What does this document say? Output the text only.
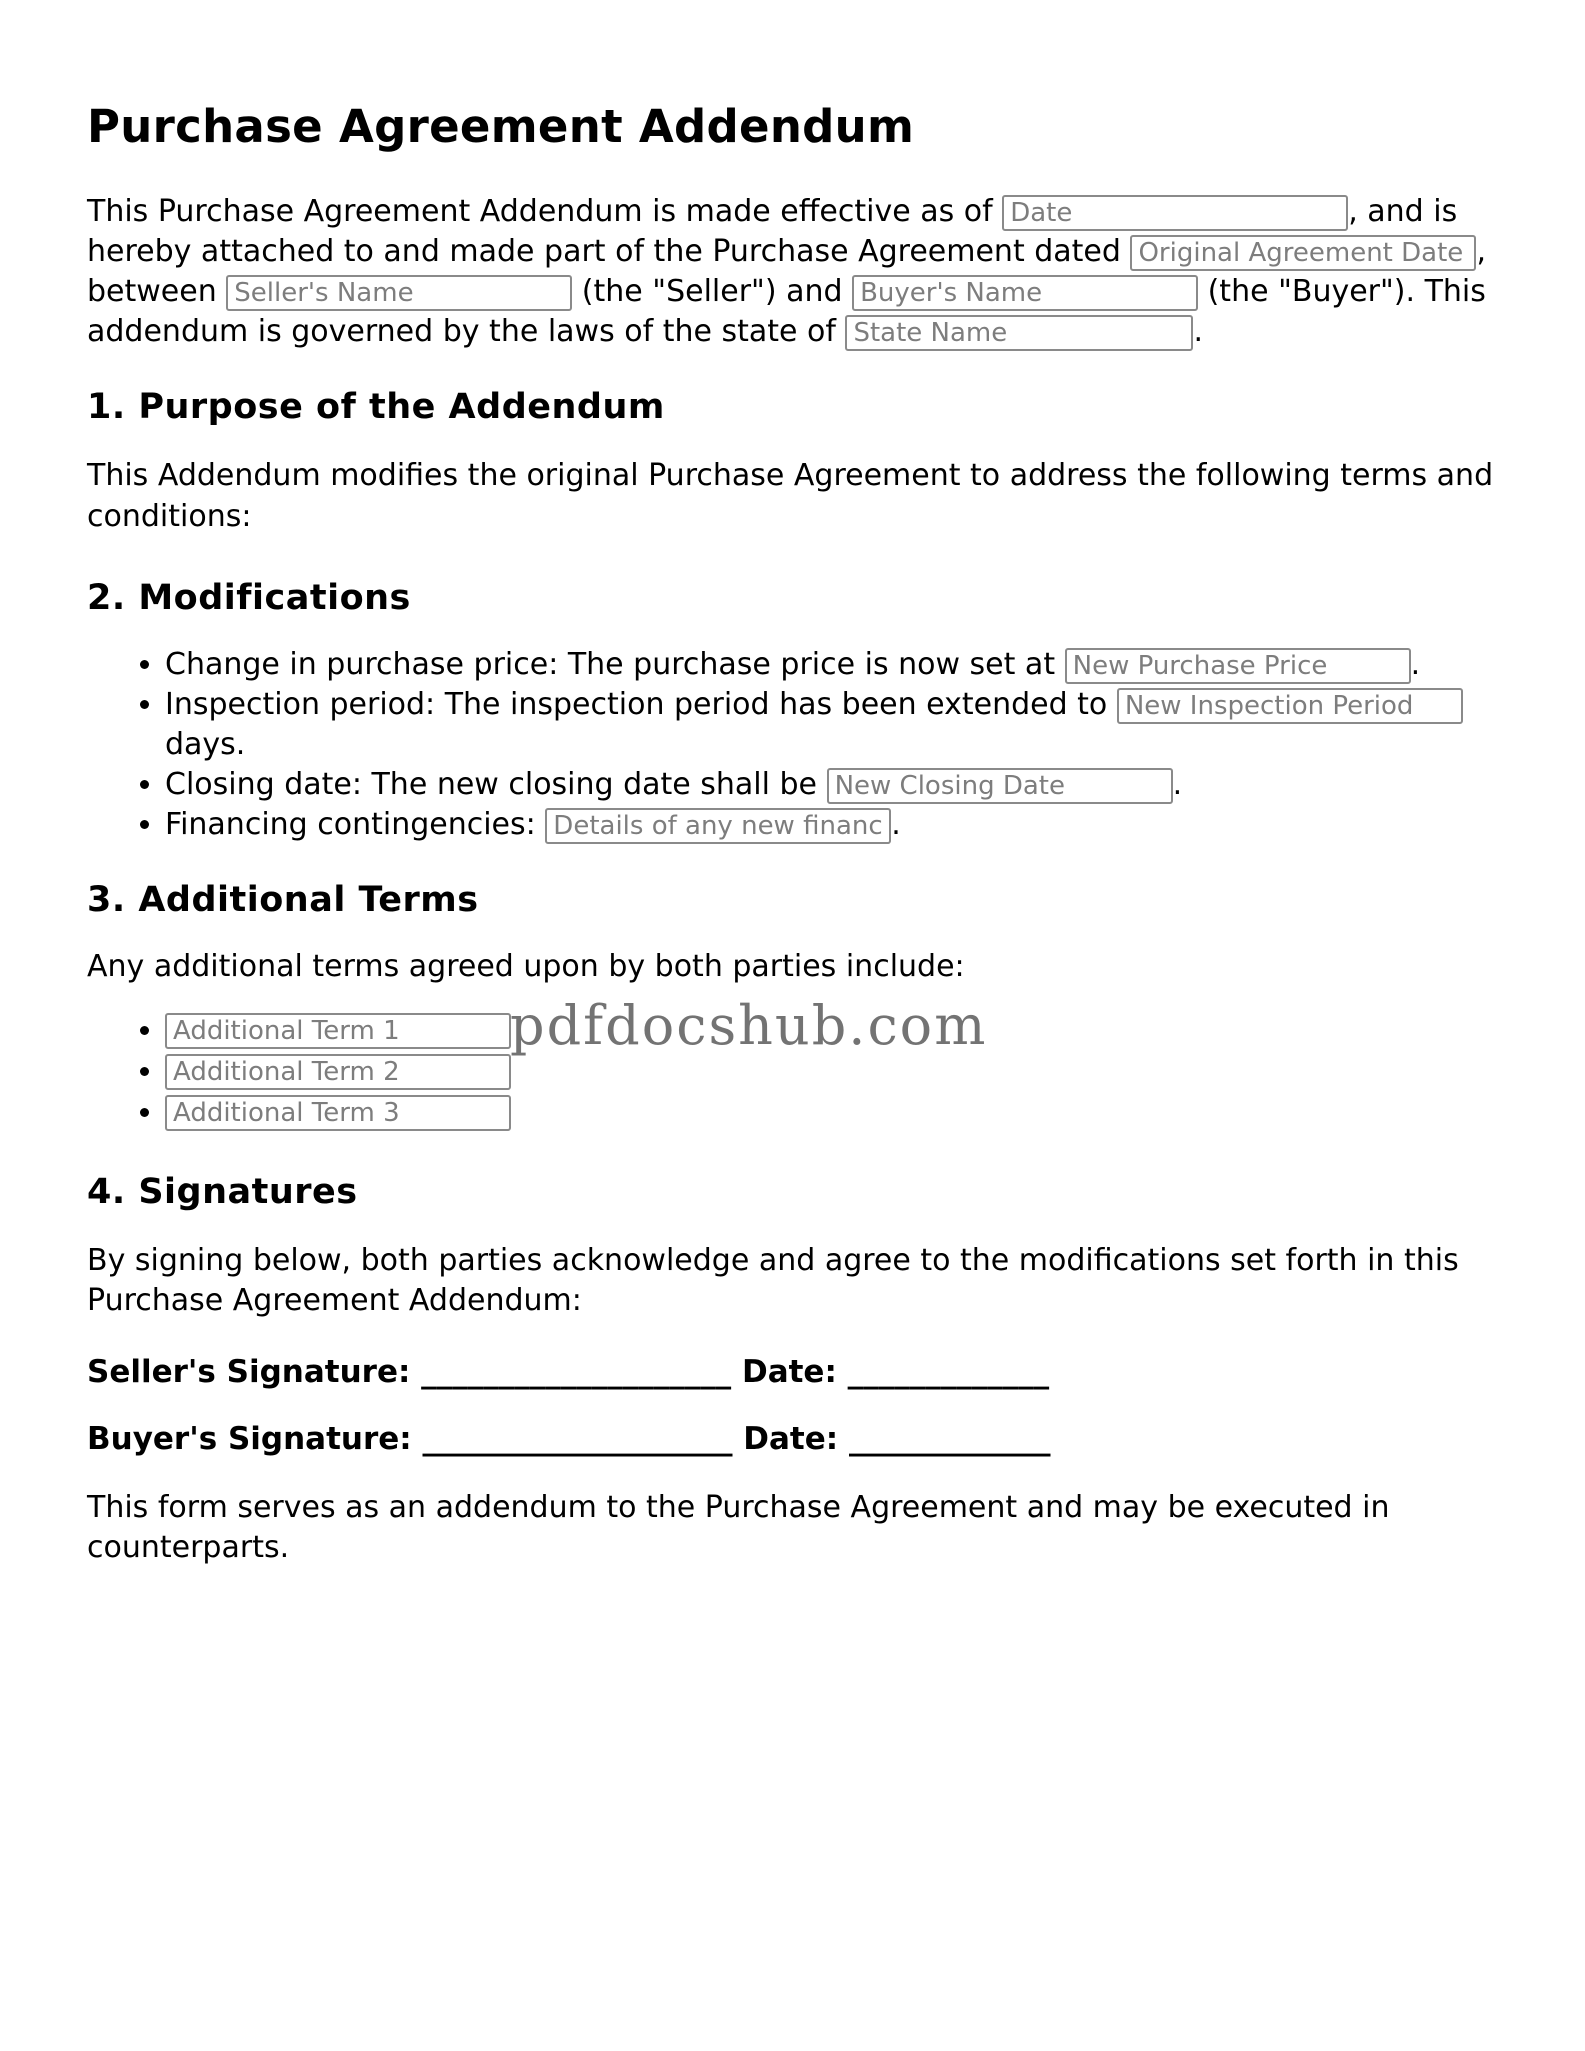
Purchase Agreement Addendum

This Purchase Agreement Addendum is made effective as of Date	, and is hereby attached to and made part of the Purchase Agreement dated Original Agreement Date	, between Seller's Name	(the "Seller") and Buyer's Name	(the "Buyer"). This addendum is governed by the laws of the state of State Name	.

1. Purpose of the Addendum

This Addendum modifies the original Purchase Agreement to address the following terms and conditions:

2. Modifications
• Change in purchase price: The purchase price is now set at New Purchase Price	.
• Inspection period: The inspection period has been extended to New Inspection Period days.
• Closing date: The new closing date shall be New Closing Date	.
• Financing contingencies: Details of any new financing contingencies	.
3. Additional Terms

Any additional terms agreed upon by both parties include:

• Additional Term 1
• Additional Term 2
• Additional Term 3
4. Signatures

By signing below, both parties acknowledge and agree to the modifications set forth in this Purchase Agreement Addendum:

Seller's Signature: ____________________ Date: _____________

Buyer's Signature: ____________________ Date: _____________

This form serves as an addendum to the Purchase Agreement and may be executed in counterparts.

pdfdocshub.com
